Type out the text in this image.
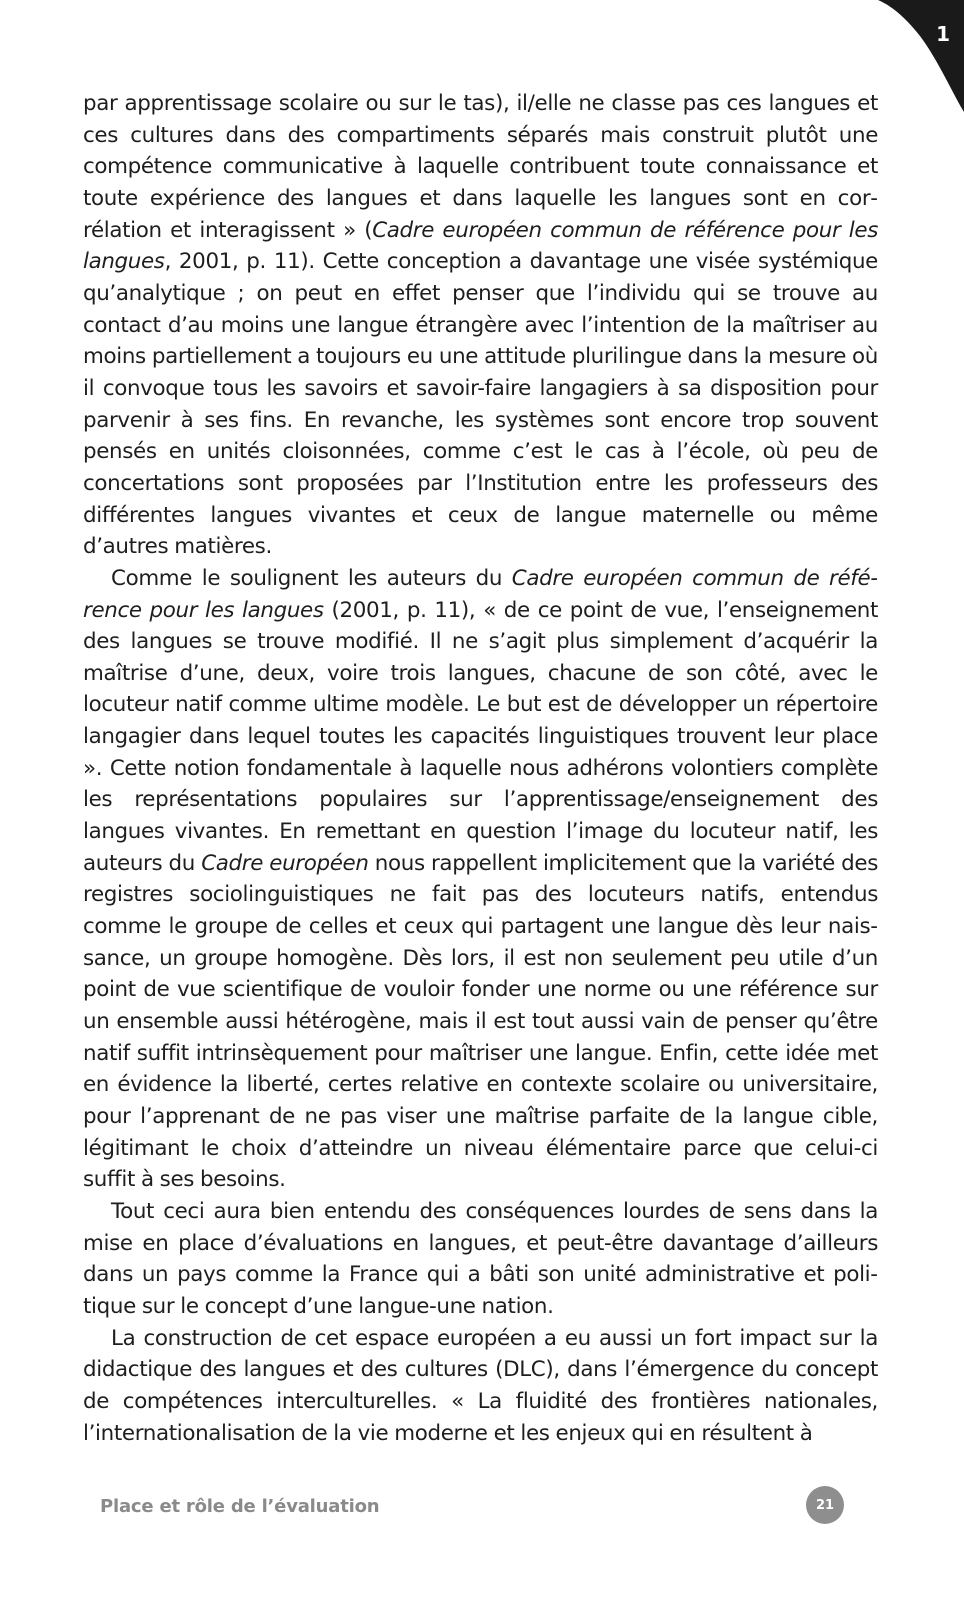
1

par apprentissage scolaire ou sur le tas), il/elle ne classe pas ces langues et ces cultures dans des compartiments séparés mais construit plutôt une compétence communicative à laquelle contribuent toute connaissance et toute expérience des langues et dans laquelle les langues sont en corrélation et interagissent » (Cadre européen commun de référence pour les langues, 2001, p. 11). Cette conception a davantage une visée systémique qu’analytique ; on peut en effet penser que l’individu qui se trouve au contact d’au moins une langue étrangère avec l’intention de la maîtriser au moins partiellement a toujours eu une attitude plurilingue dans la mesure où il convoque tous les savoirs et savoir-faire langagiers à sa disposition pour parvenir à ses fins. En revanche, les systèmes sont encore trop souvent pensés en unités cloisonnées, comme c’est le cas à l’école, où peu de concertations sont proposées par l’Institution entre les professeurs des différentes langues vivantes et ceux de langue maternelle ou même d’autres matières.

Comme le soulignent les auteurs du Cadre européen commun de référence pour les langues (2001, p. 11), « de ce point de vue, l’enseignement des langues se trouve modifié. Il ne s’agit plus simplement d’acquérir la maîtrise d’une, deux, voire trois langues, chacune de son côté, avec le locuteur natif comme ultime modèle. Le but est de développer un répertoire langagier dans lequel toutes les capacités linguistiques trouvent leur place ». Cette notion fondamentale à laquelle nous adhérons volontiers complète les représentations populaires sur l’apprentissage/enseignement des langues vivantes. En remettant en question l’image du locuteur natif, les auteurs du Cadre européen nous rappellent implicitement que la variété des registres sociolinguistiques ne fait pas des locuteurs natifs, entendus comme le groupe de celles et ceux qui partagent une langue dès leur naissance, un groupe homogène. Dès lors, il est non seulement peu utile d’un point de vue scientifique de vouloir fonder une norme ou une référence sur un ensemble aussi hétérogène, mais il est tout aussi vain de penser qu’être natif suffit intrinsèquement pour maîtriser une langue. Enfin, cette idée met en évidence la liberté, certes relative en contexte scolaire ou universitaire, pour l’apprenant de ne pas viser une maîtrise parfaite de la langue cible, légitimant le choix d’atteindre un niveau élémentaire parce que celui-ci suffit à ses besoins.

Tout ceci aura bien entendu des conséquences lourdes de sens dans la mise en place d’évaluations en langues, et peut-être davantage d’ailleurs dans un pays comme la France qui a bâti son unité administrative et politique sur le concept d’une langue-une nation.

La construction de cet espace européen a eu aussi un fort impact sur la didactique des langues et des cultures (DLC), dans l’émergence du concept de compétences interculturelles. « La fluidité des frontières nationales, l’internationalisation de la vie moderne et les enjeux qui en résultent à

Place et rôle de l’évaluation	21
